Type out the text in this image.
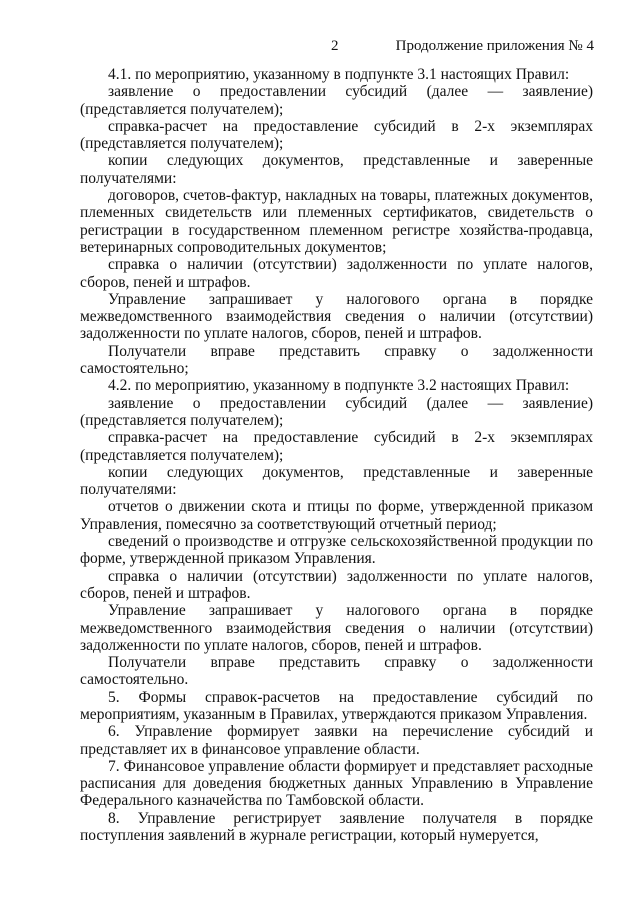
2	Продолжение приложения № 4

4.1. по мероприятию, указанному в подпункте 3.1 настоящих Правил:

заявление о предоставлении субсидий (далее — заявление) (представляется получателем);

справка-расчет на предоставление субсидий в 2-х экземплярах (представляется получателем);

копии следующих документов, представленные и заверенные получателями:

договоров, счетов-фактур, накладных на товары, платежных документов, племенных свидетельств или племенных сертификатов, свидетельств о регистрации в государственном племенном регистре хозяйства-продавца, ветеринарных сопроводительных документов;

справка о наличии (отсутствии) задолженности по уплате налогов, сборов, пеней и штрафов.

Управление запрашивает у налогового органа в порядке межведомственного взаимодействия сведения о наличии (отсутствии) задолженности по уплате налогов, сборов, пеней и штрафов.

Получатели вправе представить справку о задолженности самостоятельно;

4.2. по мероприятию, указанному в подпункте 3.2 настоящих Правил:

заявление о предоставлении субсидий (далее — заявление) (представляется получателем);

справка-расчет на предоставление субсидий в 2-х экземплярах (представляется получателем);

копии следующих документов, представленные и заверенные получателями:

отчетов о движении скота и птицы по форме, утвержденной приказом Управления, помесячно за соответствующий отчетный период;

сведений о производстве и отгрузке сельскохозяйственной продукции по форме, утвержденной приказом Управления.

справка о наличии (отсутствии) задолженности по уплате налогов, сборов, пеней и штрафов.

Управление запрашивает у налогового органа в порядке межведомственного взаимодействия сведения о наличии (отсутствии) задолженности по уплате налогов, сборов, пеней и штрафов.

Получатели вправе представить справку о задолженности самостоятельно.

5. Формы справок-расчетов на предоставление субсидий по мероприятиям, указанным в Правилах, утверждаются приказом Управления.

6. Управление формирует заявки на перечисление субсидий и представляет их в финансовое управление области.

7. Финансовое управление области формирует и представляет расходные расписания для доведения бюджетных данных Управлению в Управление Федерального казначейства по Тамбовской области.

8. Управление регистрирует заявление получателя в порядке поступления заявлений в журнале регистрации, который нумеруется,
